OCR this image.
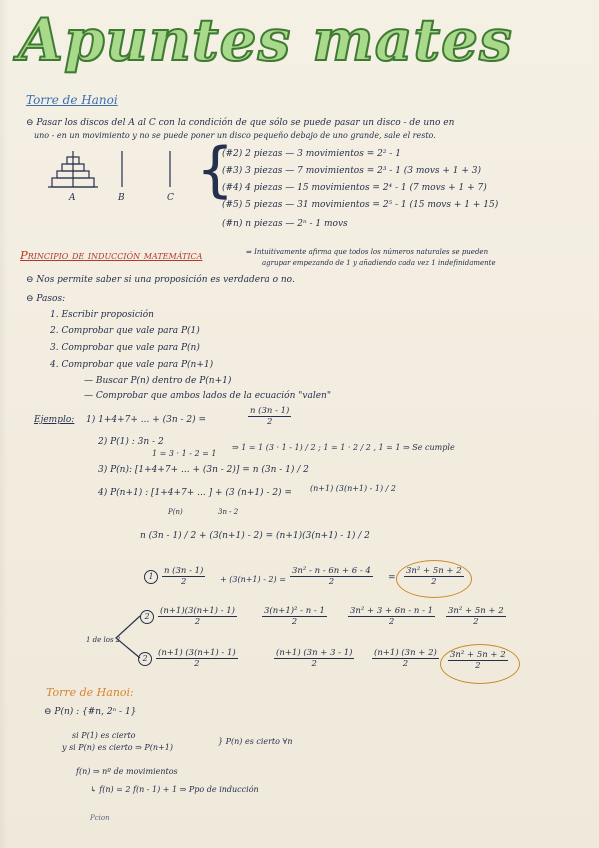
Apuntes mates
Torre de Hanoi
⊖ Pasar los discos del A al C con la condición de que sólo se puede pasar un disco - de uno en
uno - en un movimiento y no se puede poner un disco pequeño debajo de uno grande, sale el resto.
A	B	C {
(#2) 2 piezas — 3 movimientos = 2² - 1
(#3) 3 piezas — 7 movimientos = 2³ - 1 (3 movs + 1 + 3)
(#4) 4 piezas — 15 movimientos = 2⁴ - 1 (7 movs + 1 + 7)
(#5) 5 piezas — 31 movimientos = 2⁵ - 1 (15 movs + 1 + 15)
(#n) n piezas — 2ⁿ - 1 movs
Principio de inducción matemática	⇒ Intuitivamente afirma que todos los números naturales se pueden
agrupar empezando de 1 y añadiendo cada vez 1 indefinidamente
⊖ Nos permite saber si una proposición es verdadera o no.
⊖ Pasos:
1. Escribir proposición
2. Comprobar que vale para P(1)
3. Comprobar que vale para P(n)
4. Comprobar que vale para P(n+1)
— Buscar P(n) dentro de P(n+1)
— Comprobar que ambos lados de la ecuación "valen"
Ejemplo: 1) 1+4+7+ ... + (3n - 2) =	$\frac{n (3n - 1)}{2}$
2) P(1) : 3n - 2
1 = 3 · 1 - 2 = 1
⇒ 1 = 1 (3 · 1 - 1) / 2 ; 1 = 1 · 2 / 2 , 1 = 1 ⇒ Se cumple
3) P(n): [1+4+7+ ... + (3n - 2)] = n (3n - 1) / 2
4) P(n+1) : [1+4+7+ ... ] + (3 (n+1) - 2) = (n+1) (3(n+1) - 1) / 2
P(n)	3n - 2
n (3n - 1) / 2 + (3(n+1) - 2) = (n+1)(3(n+1) - 1) / 2
$1 \frac{n (3n - 1)}{2} + (3(n+1) - 2) = \frac{\text{3n² - n - 6n + 6 - 4}}{2} = \frac{\text{3n² + 5n + 2}}{2}$
$2 \frac{(n+1)(3(n+1) - 1)}{2}$	$\frac{\text{3(n+1)² - n - 1}}{2} \frac{\text{3n² + 3 + 6n - n - 1}}{2} \frac{\text{3n² + 5n + 2}}{2}$
1 de los 2
$2 \frac{(n+1) (3(n+1) - 1)}{2}$	$\frac{(n+1) (3n + 3 - 1)}{2} \frac{(n+1) (3n + 2)}{2} \frac{\text{3n² + 5n + 2}}{2}$
Torre de Hanoi:
⊖ P(n) : {#n, 2ⁿ - 1}
si P(1) es cierto
y si P(n) es cierto ⇒ P(n+1)
} P(n) es cierto ∀n
f(n) ⇒ nº de movimientos
↳ f(n) = 2 f(n - 1) + 1 ⇒ Ppo de inducción
Pcion
